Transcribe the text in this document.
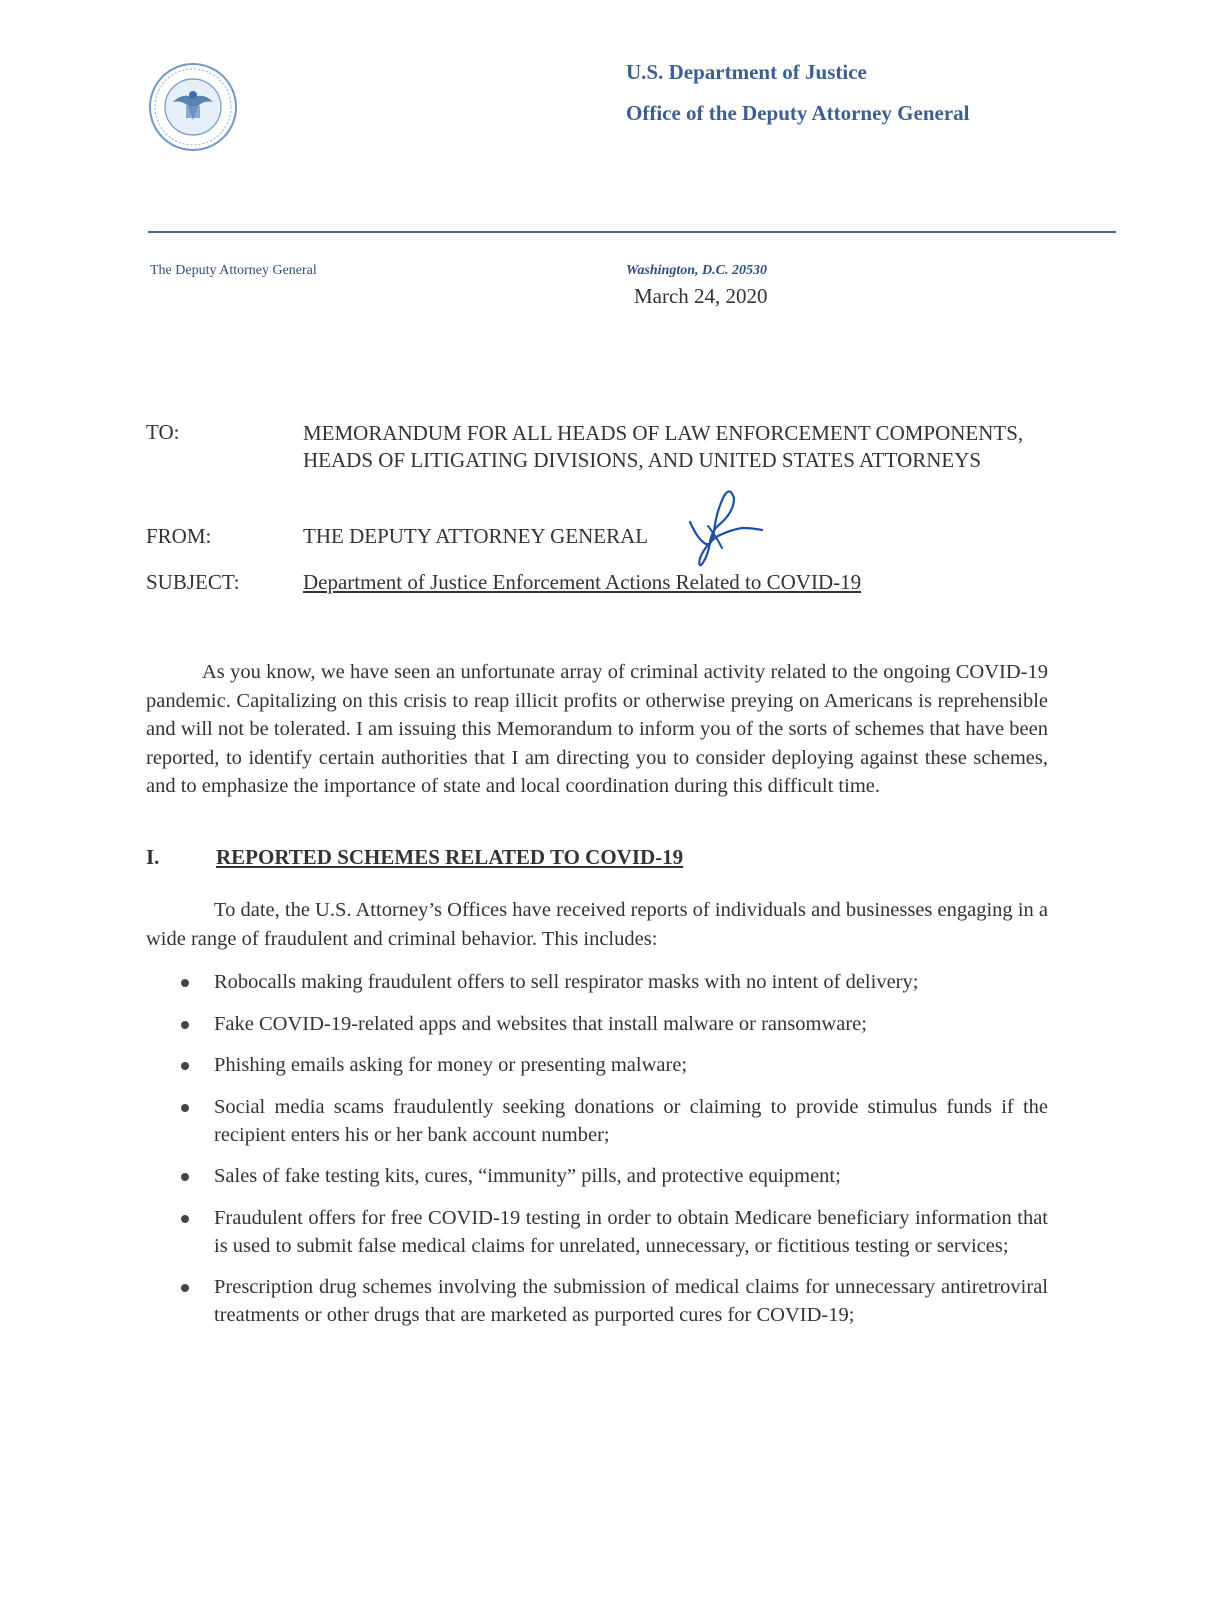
U.S. Department of Justice
Office of the Deputy Attorney General
The Deputy Attorney General	Washington, D.C. 20530
March 24, 2020
TO:	MEMORANDUM FOR ALL HEADS OF LAW ENFORCEMENT COMPONENTS, HEADS OF LITIGATING DIVISIONS, AND UNITED STATES ATTORNEYS
FROM:	THE DEPUTY ATTORNEY GENERAL
SUBJECT:	Department of Justice Enforcement Actions Related to COVID-19
As you know, we have seen an unfortunate array of criminal activity related to the ongoing COVID-19 pandemic. Capitalizing on this crisis to reap illicit profits or otherwise preying on Americans is reprehensible and will not be tolerated. I am issuing this Memorandum to inform you of the sorts of schemes that have been reported, to identify certain authorities that I am directing you to consider deploying against these schemes, and to emphasize the importance of state and local coordination during this difficult time.
I.	REPORTED SCHEMES RELATED TO COVID-19
To date, the U.S. Attorney’s Offices have received reports of individuals and businesses engaging in a wide range of fraudulent and criminal behavior. This includes:
Robocalls making fraudulent offers to sell respirator masks with no intent of delivery;
Fake COVID-19-related apps and websites that install malware or ransomware;
Phishing emails asking for money or presenting malware;
Social media scams fraudulently seeking donations or claiming to provide stimulus funds if the recipient enters his or her bank account number;
Sales of fake testing kits, cures, “immunity” pills, and protective equipment;
Fraudulent offers for free COVID-19 testing in order to obtain Medicare beneficiary information that is used to submit false medical claims for unrelated, unnecessary, or fictitious testing or services;
Prescription drug schemes involving the submission of medical claims for unnecessary antiretroviral treatments or other drugs that are marketed as purported cures for COVID-19;
